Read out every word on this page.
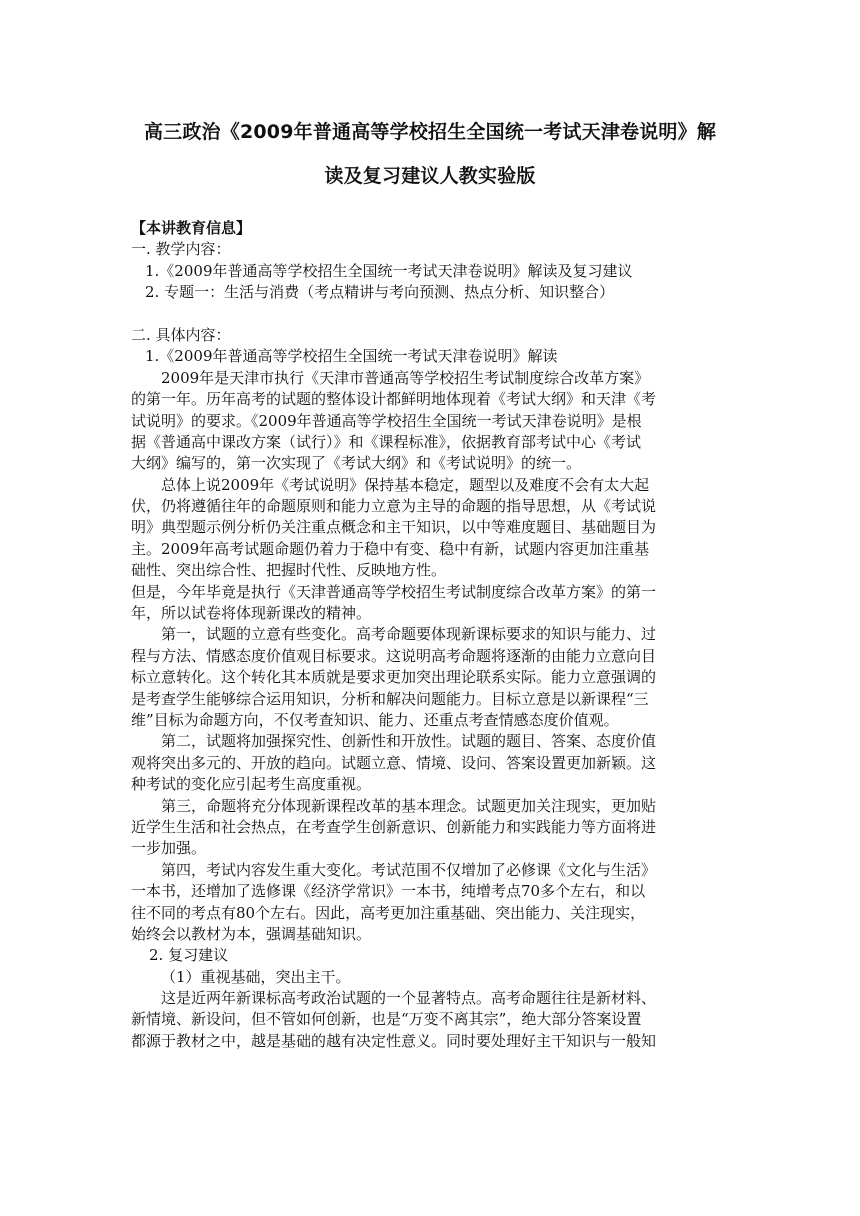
高三政治《2009年普通高等学校招生全国统一考试天津卷说明》解
读及复习建议人教实验版
【本讲教育信息】
一. 教学内容：
1.《2009年普通高等学校招生全国统一考试天津卷说明》解读及复习建议
2. 专题一：生活与消费（考点精讲与考向预测、热点分析、知识整合）
二. 具体内容：
1.《2009年普通高等学校招生全国统一考试天津卷说明》解读
2009年是天津市执行《天津市普通高等学校招生考试制度综合改革方案》
的第一年。历年高考的试题的整体设计都鲜明地体现着《考试大纲》和天津《考
试说明》的要求。《2009年普通高等学校招生全国统一考试天津卷说明》是根
据《普通高中课改方案（试行）》和《课程标准》，依据教育部考试中心《考试
大纲》编写的，第一次实现了《考试大纲》和《考试说明》的统一。
总体上说2009年《考试说明》保持基本稳定，题型以及难度不会有太大起
伏，仍将遵循往年的命题原则和能力立意为主导的命题的指导思想，从《考试说
明》典型题示例分析仍关注重点概念和主干知识，以中等难度题目、基础题目为
主。2009年高考试题命题仍着力于稳中有变、稳中有新，试题内容更加注重基
础性、突出综合性、把握时代性、反映地方性。
但是，今年毕竟是执行《天津普通高等学校招生考试制度综合改革方案》的第一
年，所以试卷将体现新课改的精神。
第一，试题的立意有些变化。高考命题要体现新课标要求的知识与能力、过
程与方法、情感态度价值观目标要求。这说明高考命题将逐渐的由能力立意向目
标立意转化。这个转化其本质就是要求更加突出理论联系实际。能力立意强调的
是考查学生能够综合运用知识，分析和解决问题能力。目标立意是以新课程“三
维”目标为命题方向，不仅考查知识、能力、还重点考查情感态度价值观。
第二，试题将加强探究性、创新性和开放性。试题的题目、答案、态度价值
观将突出多元的、开放的趋向。试题立意、情境、设问、答案设置更加新颖。这
种考试的变化应引起考生高度重视。
第三，命题将充分体现新课程改革的基本理念。试题更加关注现实，更加贴
近学生生活和社会热点，在考查学生创新意识、创新能力和实践能力等方面将进
一步加强。
第四，考试内容发生重大变化。考试范围不仅增加了必修课《文化与生活》
一本书，还增加了选修课《经济学常识》一本书，纯增考点70多个左右，和以
往不同的考点有80个左右。因此，高考更加注重基础、突出能力、关注现实，
始终会以教材为本，强调基础知识。
2. 复习建议
（1）重视基础，突出主干。
这是近两年新课标高考政治试题的一个显著特点。高考命题往往是新材料、
新情境、新设问，但不管如何创新，也是“万变不离其宗”，绝大部分答案设置
都源于教材之中，越是基础的越有决定性意义。同时要处理好主干知识与一般知
